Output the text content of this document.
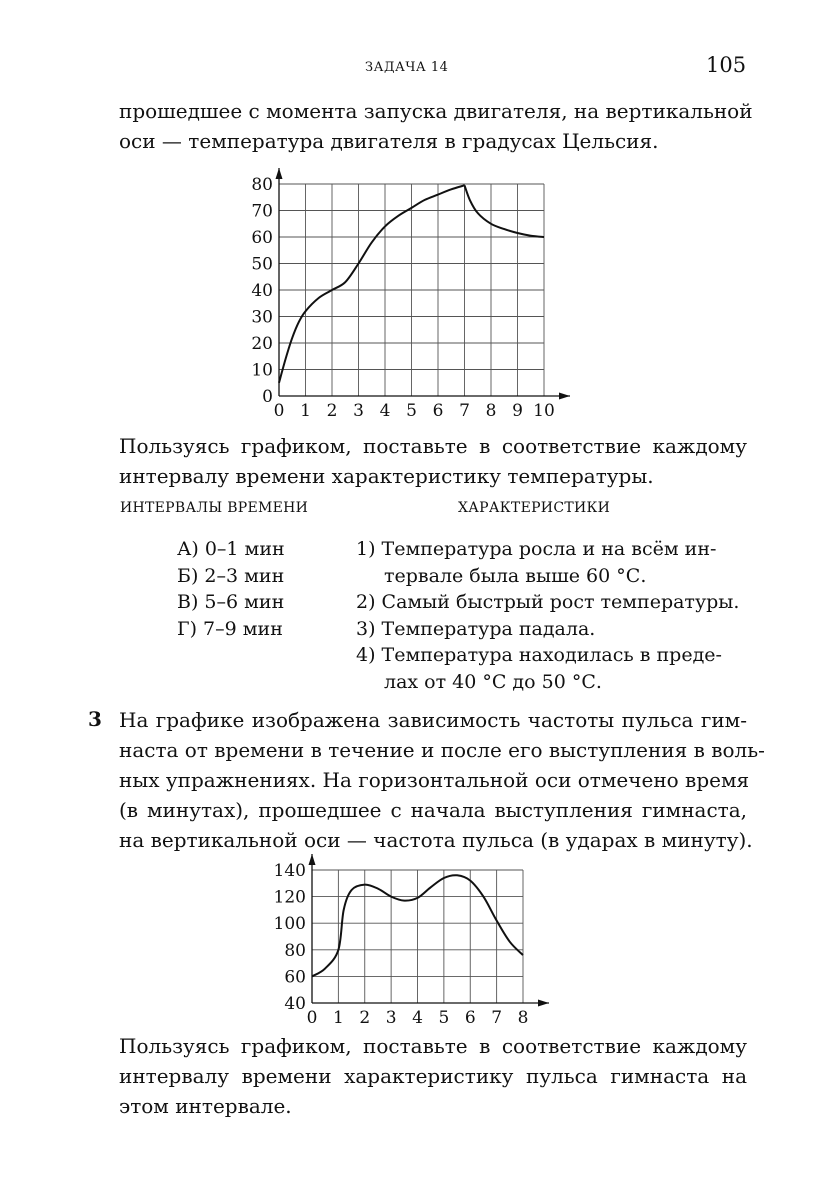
ЗАДАЧА 14	105
прошедшее с момента запуска двигателя, на вертикальной
оси — температура двигателя в градусах Цельсия.
0 1 2 3 4 5 6 7 8 9 10
0
10
20
30
40
50
60
70
80
Пользуясь графиком, поставьте в соответствие каждому
интервалу времени характеристику температуры.
ИНТЕРВАЛЫ ВРЕМЕНИ	ХАРАКТЕРИСТИКИ
А) 0–1 мин
Б) 2–3 мин
В) 5–6 мин
Г) 7–9 мин
1) Температура росла и на всём ин-
тервале была выше 60 °С.
2) Самый быстрый рост температуры.
3) Температура падала.
4) Температура находилась в преде-
лах от 40 °С до 50 °С.
3 На графике изображена зависимость частоты пульса гим-
наста от времени в течение и после его выступления в воль-
ных упражнениях. На горизонтальной оси отмечено время
(в минутах), прошедшее с начала выступления гимнаста,
на вертикальной оси — частота пульса (в ударах в минуту).
0 1 2 3 4 5 6 7 8
40
60
80
100
120
140
Пользуясь графиком, поставьте в соответствие каждому
интервалу времени характеристику пульса гимнаста на
этом интервале.
